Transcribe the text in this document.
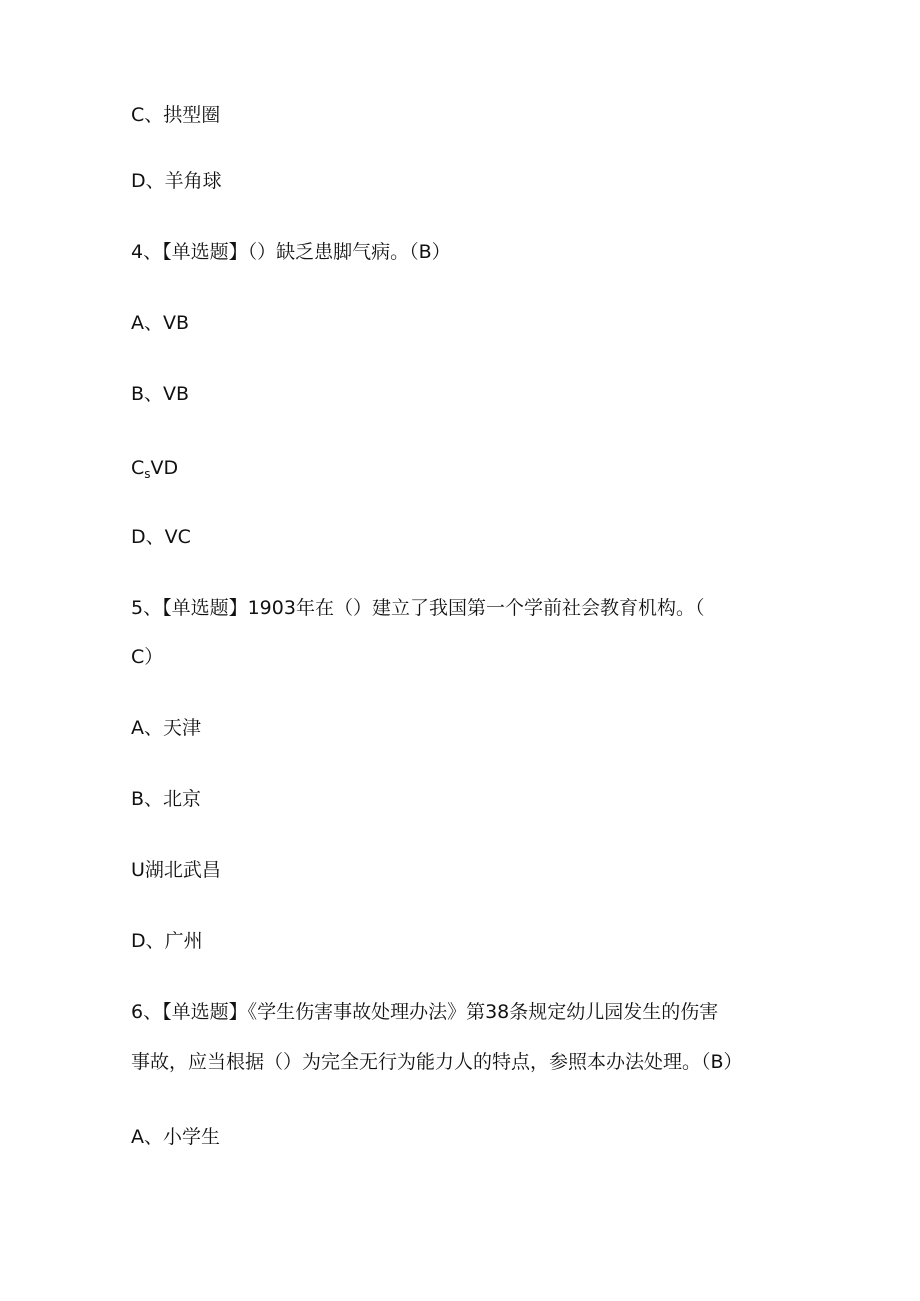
C、拱型圈

D、羊角球

4、【单选题】（）缺乏患脚气病。（B）

A、VB

B、VB

$C_sVD$

D、VC

5、【单选题】1903年在（）建立了我国第一个学前社会教育机构。（

C）

A、天津

B、北京

U湖北武昌

D、广州

6、【单选题】《学生伤害事故处理办法》第38条规定幼儿园发生的伤害

事故，应当根据（）为完全无行为能力人的特点，参照本办法处理。（B）

A、小学生
